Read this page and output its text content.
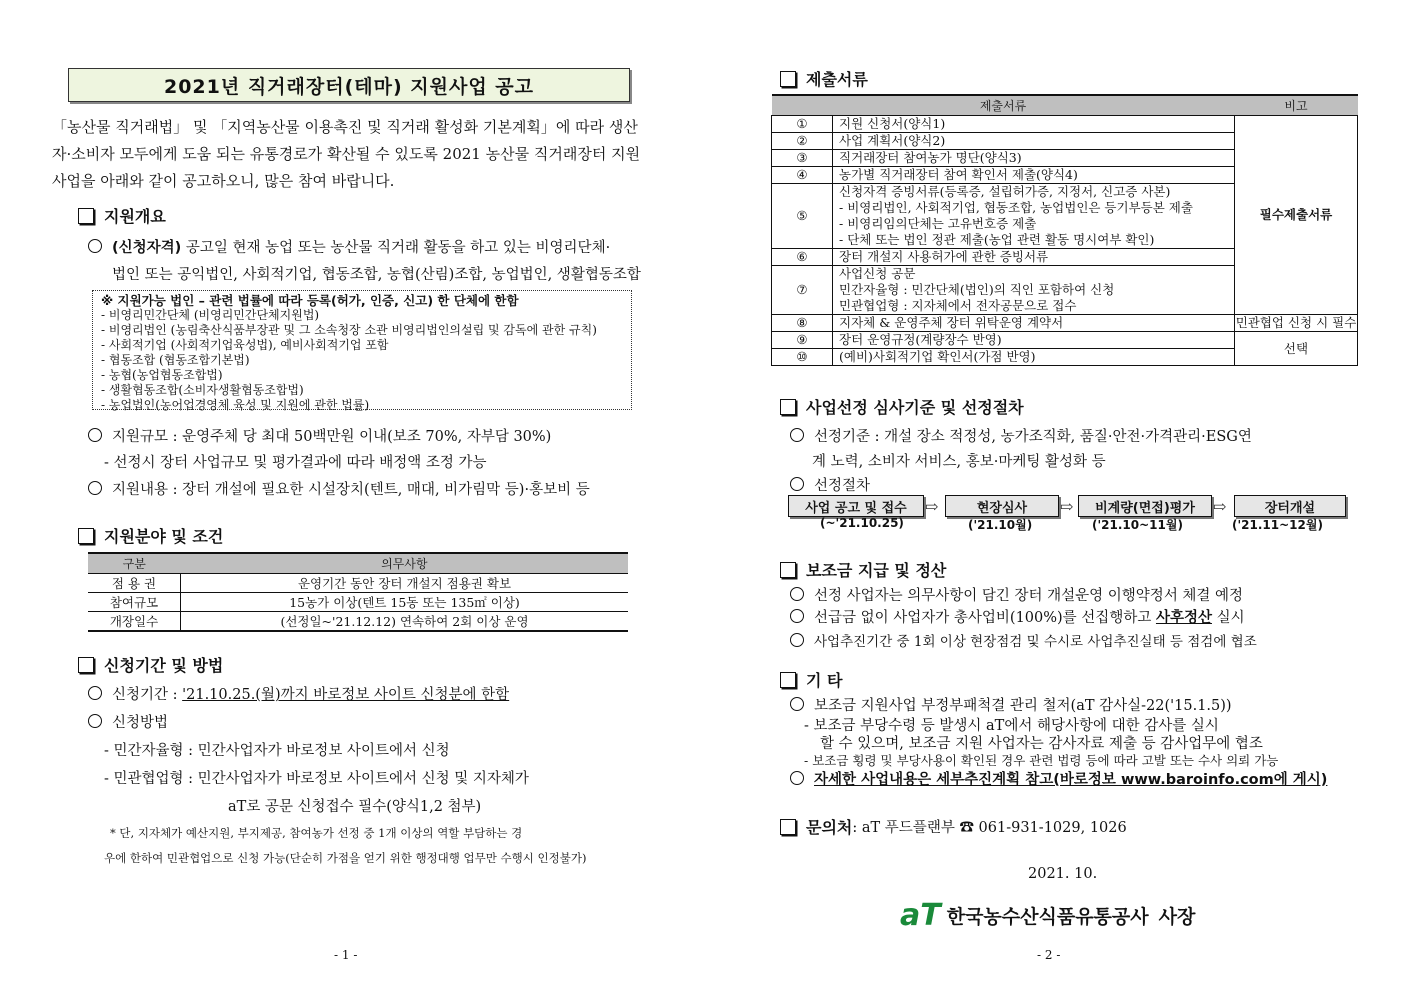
2021년 직거래장터(테마) 지원사업 공고
「농산물 직거래법」 및 「지역농산물 이용촉진 및 직거래 활성화 기본계획」에 따라 생산자·소비자 모두에게 도움 되는 유통경로가 확산될 수 있도록 2021 농산물 직거래장터 지원사업을 아래와 같이 공고하오니, 많은 참여 바랍니다.
지원개요
(신청자격) 공고일 현재 농업 또는 농산물 직거래 활동을 하고 있는 비영리단체·
법인 또는 공익법인, 사회적기업, 협동조합, 농협(산림)조합, 농업법인, 생활협동조합
※ 지원가능 법인 – 관련 법률에 따라 등록(허가, 인증, 신고) 한 단체에 한함
- 비영리민간단체 (비영리민간단체지원법)
- 비영리법인 (농림축산식품부장관 및 그 소속청장 소관 비영리법인의설립 및 감독에 관한 규칙)
- 사회적기업 (사회적기업육성법), 예비사회적기업 포함
- 협동조합 (협동조합기본법)
- 농협(농업협동조합법)
- 생활협동조합(소비자생활협동조합법)
- 농업법인(농어업경영체 육성 및 지원에 관한 법률)
지원규모 : 운영주체 당 최대 50백만원 이내(보조 70%, 자부담 30%)
- 선정시 장터 사업규모 및 평가결과에 따라 배정액 조정 가능
지원내용 : 장터 개설에 필요한 시설장치(텐트, 매대, 비가림막 등)·홍보비 등
지원분야 및 조건
구분	의무사항
점 용 권	운영기간 동안 장터 개설지 점용권 확보
참여규모	15농가 이상(텐트 15동 또는 135㎡ 이상)
개장일수	(선정일~'21.12.12) 연속하여 2회 이상 운영
신청기간 및 방법
신청기간 : '21.10.25.(월)까지 바로정보 사이트 신청분에 한함
신청방법
- 민간자율형 : 민간사업자가 바로정보 사이트에서 신청
- 민관협업형 : 민간사업자가 바로정보 사이트에서 신청 및 지자체가
aT로 공문 신청접수 필수(양식1,2 첨부)
* 단, 지자체가 예산지원, 부지제공, 참여농가 선정 중 1개 이상의 역할 부담하는 경
우에 한하여 민관협업으로 신청 가능(단순히 가점을 얻기 위한 행정대행 업무만 수행시 인정불가)
- 1 -
제출서류
제출서류		비고
①	지원 신청서(양식1)	필수제출서류
②	사업 계획서(양식2)	
③	직거래장터 참여농가 명단(양식3)	
④	농가별 직거래장터 참여 확인서 제출(양식4)	
⑤	신청자격 증빙서류(등록증, 설립허가증, 지정서, 신고증 사본)
- 비영리법인, 사회적기업, 협동조합, 농업법인은 등기부등본 제출
- 비영리임의단체는 고유번호증 제출
- 단체 또는 법인 정관 제출(농업 관련 활동 명시여부 확인)	

⑥	장터 개설지 사용허가에 관한 증빙서류	
⑦	사업신청 공문
민간자율형 : 민간단체(법인)의 직인 포함하여 신청
민관협업형 : 지자체에서 전자공문으로 접수	

⑧	지자체 & 운영주체 장터 위탁운영 계약서	민관협업 신청 시 필수
⑨	장터 운영규정(계량장수 반영)	선택
⑩	(예비)사회적기업 확인서(가점 반영)	
사업선정 심사기준 및 선정절차
선정기준 : 개설 장소 적정성, 농가조직화, 품질·안전·가격관리·ESG연
계 노력, 소비자 서비스, 홍보·마케팅 활성화 등
선정절차
사업 공고 및 접수	⇨	현장심사	⇨	비계량(면접)평가	⇨	장터개설
(~'21.10.25)	('21.10월)	('21.10~11월)	('21.11~12월)
보조금 지급 및 정산
선정 사업자는 의무사항이 담긴 장터 개설운영 이행약정서 체결 예정
선급금 없이 사업자가 총사업비(100%)를 선집행하고 사후정산 실시
사업추진기간 중 1회 이상 현장점검 및 수시로 사업추진실태 등 점검에 협조
기 타
보조금 지원사업 부정부패척결 관리 철저(aT 감사실-22('15.1.5))
- 보조금 부당수령 등 발생시 aT에서 해당사항에 대한 감사를 실시
할 수 있으며, 보조금 지원 사업자는 감사자료 제출 등 감사업무에 협조
- 보조금 횡령 및 부당사용이 확인된 경우 관련 법령 등에 따라 고발 또는 수사 의뢰 가능
자세한 사업내용은 세부추진계획 참고(바로정보 www.baroinfo.com에 게시)
문의처 : aT 푸드플랜부 ☎ 061-931-1029, 1026
2021. 10.
aT 한국농수산식품유통공사 사장
- 2 -
